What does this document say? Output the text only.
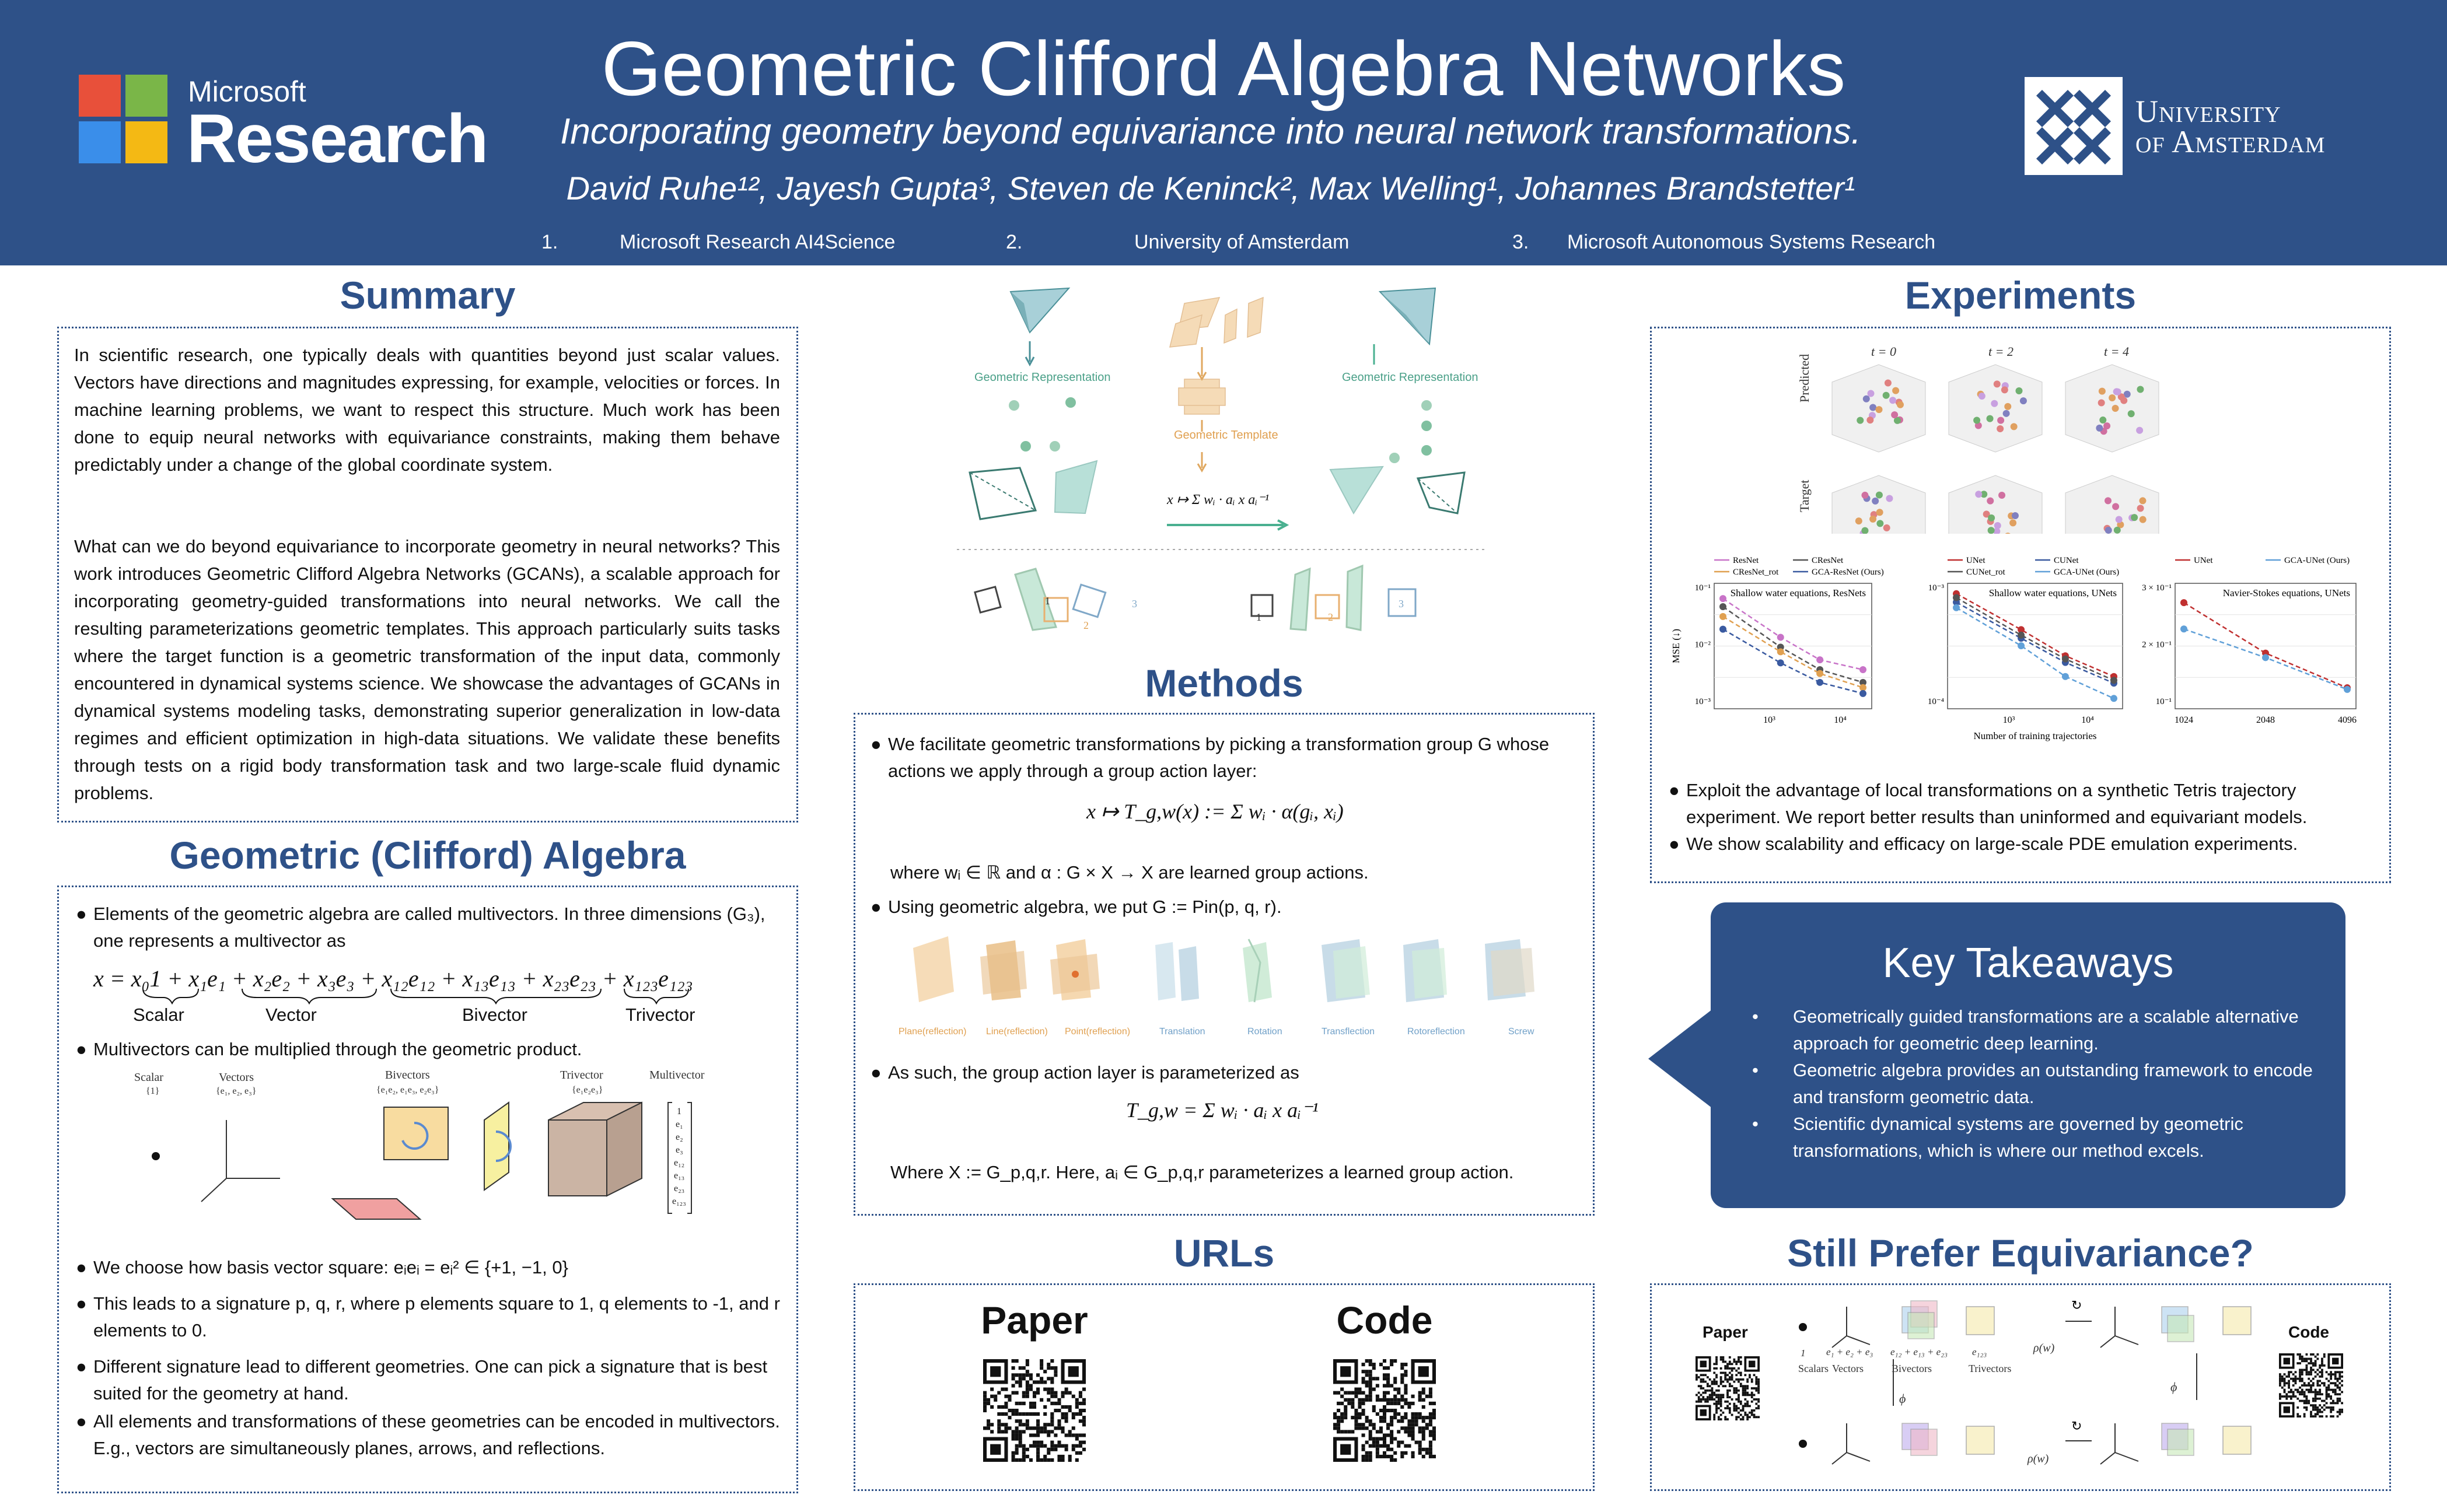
Microsoft
Research
Geometric Clifford Algebra Networks
Incorporating geometry beyond equivariance into neural network transformations.
David Ruhe¹², Jayesh Gupta³, Steven de Keninck², Max Welling¹, Johannes Brandstetter¹
1.	Microsoft Research AI4Science	2.	University of Amsterdam	3. Microsoft Autonomous Systems Research
University
of Amsterdam
Summary
In scientific research, one typically deals with quantities beyond just scalar values. Vectors have directions and magnitudes expressing, for example, velocities or forces. In machine learning problems, we want to respect this structure. Much work has been done to equip neural networks with equivariance constraints, making them behave predictably under a change of the global coordinate system.
What can we do beyond equivariance to incorporate geometry in neural networks? This work introduces Geometric Clifford Algebra Networks (GCANs), a scalable approach for incorporating geometry-guided transformations into neural networks. We call the resulting parameterizations geometric templates. This approach particularly suits tasks where the target function is a geometric transformation of the input data, commonly encountered in dynamical systems science. We showcase the advantages of GCANs in dynamical systems modeling tasks, demonstrating superior generalization in low-data regimes and efficient optimization in high-data situations. We validate these benefits through tests on a rigid body transformation task and two large-scale fluid dynamic problems.
Geometric (Clifford) Algebra
● Elements of the geometric algebra are called multivectors. In three dimensions (G₃), one represents a multivector as
x = x₀1 + x₁e₁ + x₂e₂ + x₃e₃ + x₁₂e₁₂ + x₁₃e₁₃ + x₂₃e₂₃ + x₁₂₃e₁₂₃
Scalar	Vector	Bivector	Trivector
● Multivectors can be multiplied through the geometric product.
Scalar
{1}
Vectors
{e₁, e₂, e₃}
Bivectors
{e₁e₂, e₁e₃, e₂e₃}
Trivector
{e₁e₂e₃}
Multivector
1
e₁
e₂
e₃
e₁₂
e₁₃
e₂₃
e₁₂₃
● We choose how basis vector square: eᵢeᵢ = eᵢ² ∈ {+1, −1, 0}
● This leads to a signature p, q, r, where p elements square to 1, q elements to -1, and r elements to 0.
● Different signature lead to different geometries. One can pick a signature that is best suited for the geometry at hand.
● All elements and transformations of these geometries can be encoded in multivectors. E.g., vectors are simultaneously planes, arrows, and reflections.
Geometric Representation	Geometric Representation
Geometric Template
x ↦ Σ wᵢ · aᵢ x aᵢ⁻¹
1
2
3
1	2
3
Methods
● We facilitate geometric transformations by picking a transformation group G whose actions we apply through a group action layer:
x ↦ T_g,w(x) := Σ wᵢ · α(gᵢ, xᵢ)
where wᵢ ∈ ℝ and α : G × X → X are learned group actions.
● Using geometric algebra, we put G := Pin(p, q, r).
Plane(reflection) Line(reflection) Point(reflection)	Translation	Rotation	Transflection	Rotoreflection	Screw
● As such, the group action layer is parameterized as
T_g,w = Σ wᵢ · aᵢ x aᵢ⁻¹
Where X := G_p,q,r. Here, aᵢ ∈ G_p,q,r parameterizes a learned group action.
URLs
Paper	Code
Experiments
t = 0	t = 2	t = 4
Predicted
Target
Shallow water equations, ResNets
10³	10⁴
10⁻¹
10⁻²
10⁻³
MSE (↓)
ResNet	CResNet
CResNet_rot	GCA-ResNet (Ours)
Shallow water equations, UNets
10³	10⁴
10⁻³
10⁻⁴
Number of training trajectories
UNet	CUNet
CUNet_rot	GCA-UNet (Ours)
Navier-Stokes equations, UNets
1024	2048	4096
3 × 10⁻¹
2 × 10⁻¹
10⁻¹
UNet	GCA-UNet (Ours)
● Exploit the advantage of local transformations on a synthetic Tetris trajectory experiment. We report better results than uninformed and equivariant models.
● We show scalability and efficacy on large-scale PDE emulation experiments.
Key Takeaways
• Geometrically guided transformations are a scalable alternative approach for geometric deep learning.
• Geometric algebra provides an outstanding framework to encode and transform geometric data.
• Scientific dynamical systems are governed by geometric transformations, which is where our method excels.
Still Prefer Equivariance?
Paper	Code
↻
↻
1 e₁ + e₂ + e₃ e₁₂ + e₁₃ + e₂₃ e₁₂₃
Scalars Vectors	Bivectors	Trivectors
ρ(w)
ρ(w)
ϕ
ϕ
